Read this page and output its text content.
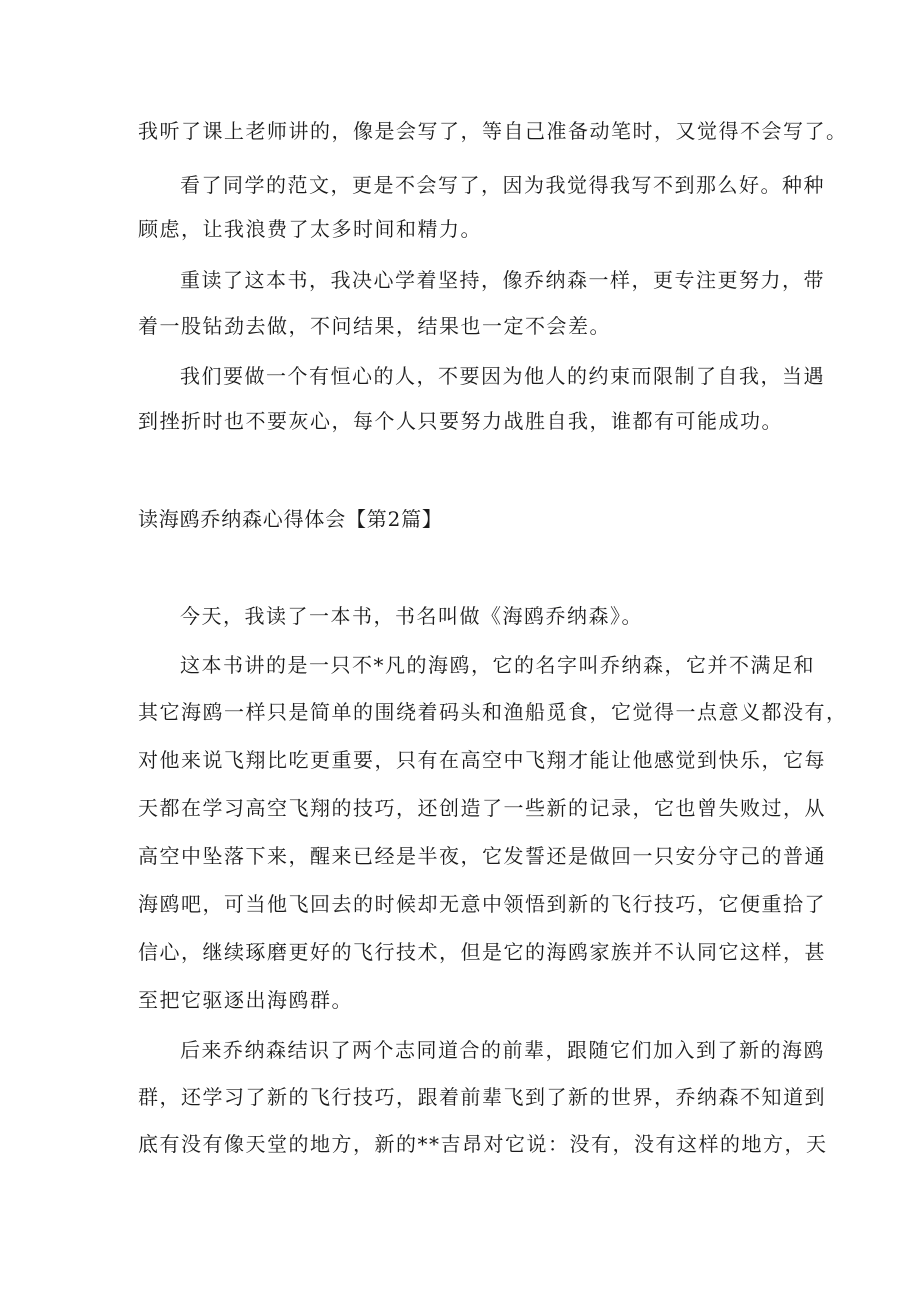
我听了课上老师讲的，像是会写了，等自己准备动笔时，又觉得不会写了。
看了同学的范文，更是不会写了，因为我觉得我写不到那么好。种种
顾虑，让我浪费了太多时间和精力。
重读了这本书，我决心学着坚持，像乔纳森一样，更专注更努力，带
着一股钻劲去做，不问结果，结果也一定不会差。
我们要做一个有恒心的人，不要因为他人的约束而限制了自我，当遇
到挫折时也不要灰心，每个人只要努力战胜自我，谁都有可能成功。
读海鸥乔纳森心得体会【第2篇】
今天，我读了一本书，书名叫做《海鸥乔纳森》。
这本书讲的是一只不*凡的海鸥，它的名字叫乔纳森，它并不满足和
其它海鸥一样只是简单的围绕着码头和渔船觅食，它觉得一点意义都没有，
对他来说飞翔比吃更重要，只有在高空中飞翔才能让他感觉到快乐，它每
天都在学习高空飞翔的技巧，还创造了一些新的记录，它也曾失败过，从
高空中坠落下来，醒来已经是半夜，它发誓还是做回一只安分守己的普通
海鸥吧，可当他飞回去的时候却无意中领悟到新的飞行技巧，它便重拾了
信心，继续琢磨更好的飞行技术，但是它的海鸥家族并不认同它这样，甚
至把它驱逐出海鸥群。
后来乔纳森结识了两个志同道合的前辈，跟随它们加入到了新的海鸥
群，还学习了新的飞行技巧，跟着前辈飞到了新的世界，乔纳森不知道到
底有没有像天堂的地方，新的**吉昂对它说：没有，没有这样的地方，天
